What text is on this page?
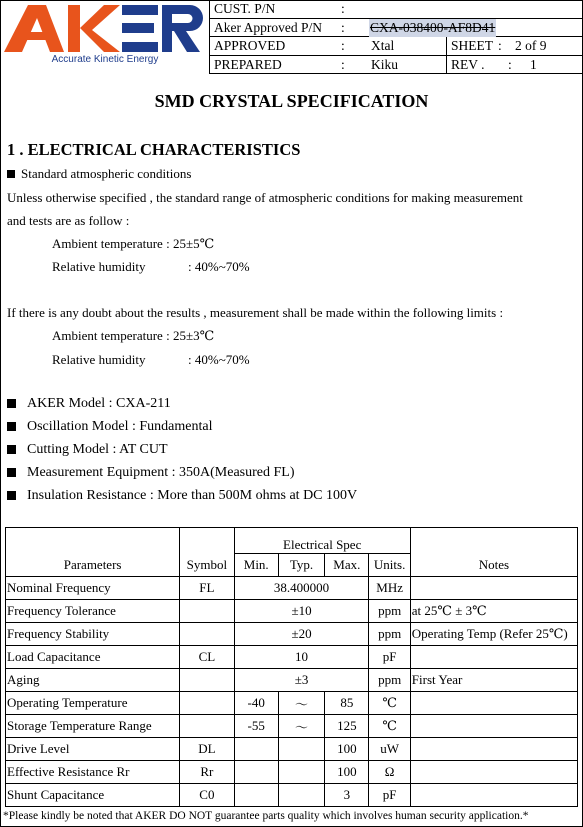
Accurate Kinetic Energy
CUST. P/N	:
Aker Approved P/N : CXA-038400-AF8D41
APPROVED	: Xtal	SHEET : 2 of 9
PREPARED	: Kiku	REV . : 1
SMD CRYSTAL SPECIFICATION
1 . ELECTRICAL CHARACTERISTICS
Standard atmospheric conditions
Unless otherwise specified , the standard range of atmospheric conditions for making measurement
and tests are as follow :
Ambient temperature : 25±5℃
Relative humidity	: 40%~70%
If there is any doubt about the results , measurement shall be made within the following limits :
Ambient temperature : 25±3℃
Relative humidity	: 40%~70%
AKER Model : CXA-211
Oscillation Model : Fundamental
Cutting Model : AT CUT
Measurement Equipment : 350A(Measured FL)
Insulation Resistance : More than 500M ohms at DC 100V
		Electrical Spec				
Parameters	Symbol	Min.	Typ.	Max.	Units.	Notes
Nominal Frequency	FL	38.400000			MHz	
Frequency Tolerance		±10			ppm	at 25℃ ± 3℃
Frequency Stability		±20			ppm	Operating Temp (Refer 25℃)
Load Capacitance	CL	10			pF	
Aging		±3			ppm	First Year
Operating Temperature		-40	～	85	℃	
Storage Temperature Range		-55	～	125	℃	
Drive Level	DL			100	uW	
Effective Resistance Rr	Rr			100	Ω	
Shunt Capacitance	C0			3	pF	
*Please kindly be noted that AKER DO NOT guarantee parts quality which involves human security application.*
